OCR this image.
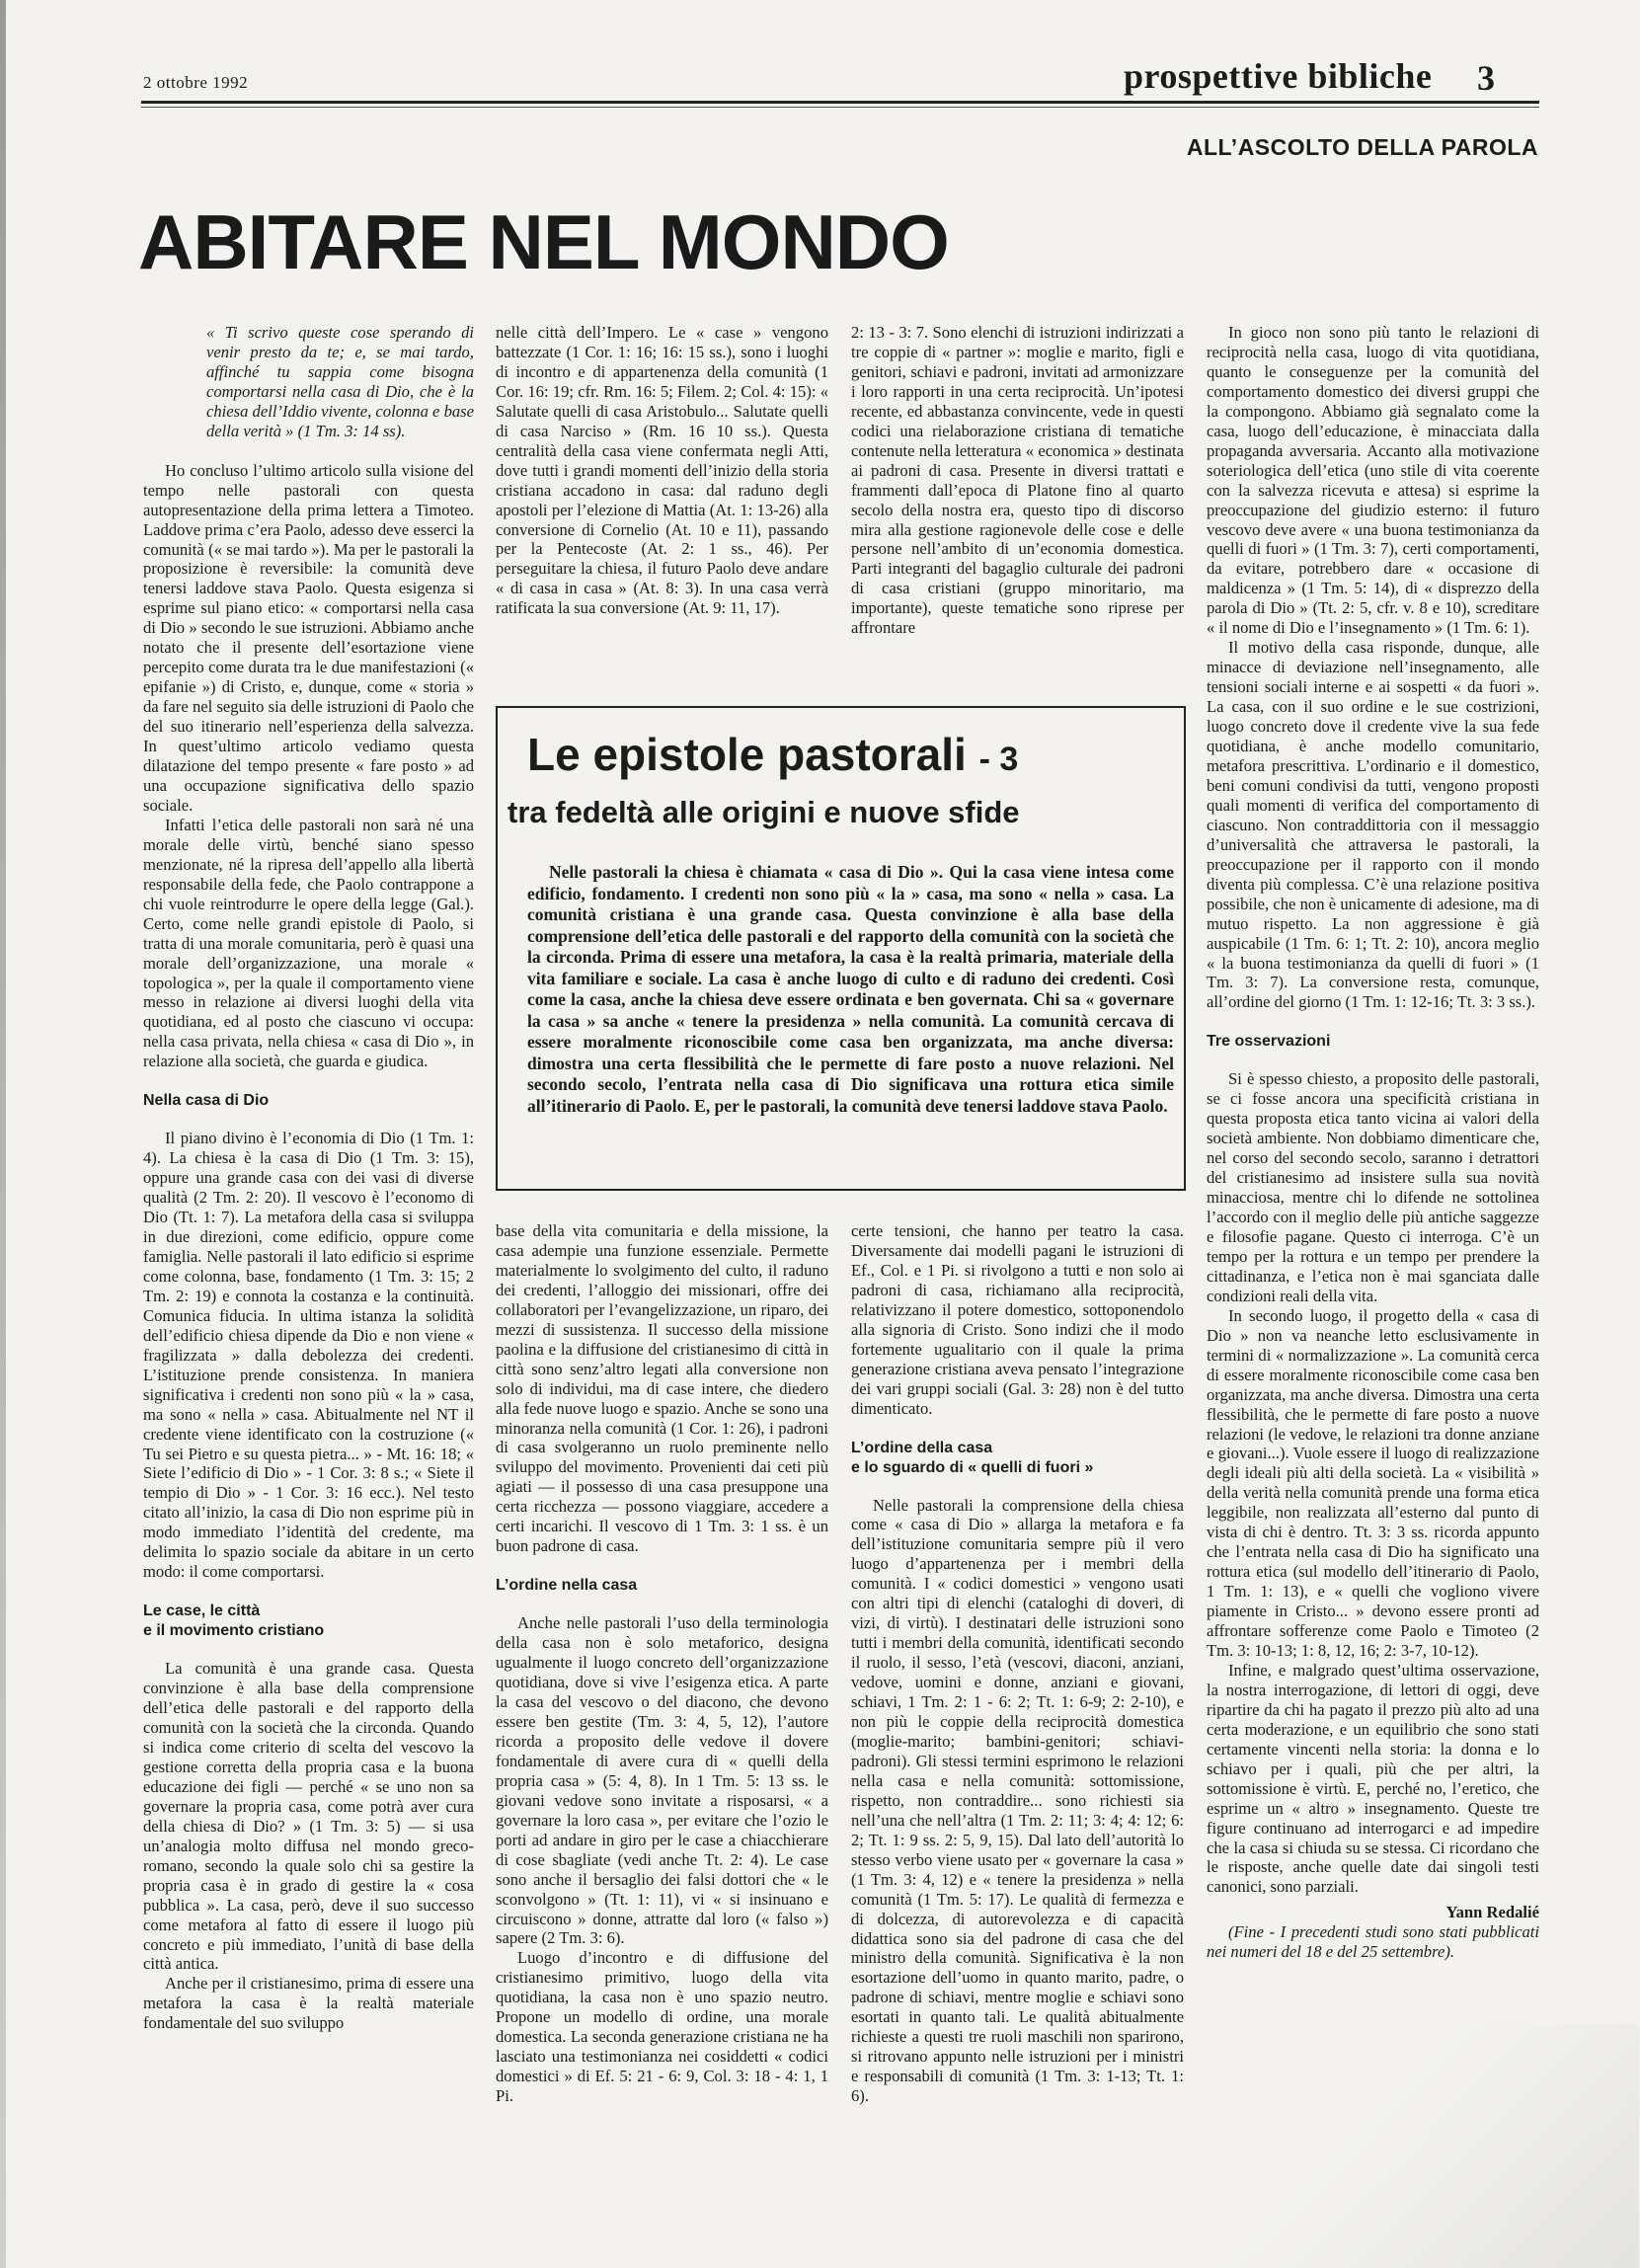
2 ottobre 1992	prospettive bibliche 3
ALL’ASCOLTO DELLA PAROLA
ABITARE NEL MONDO

« Ti scrivo queste cose sperando di venir presto da te; e, se mai tardo, affinché tu sappia come bisogna comportarsi nella casa di Dio, che è la chiesa dell’Iddio vivente, colonna e base della verità » (1 Tm. 3: 14 ss).

Ho concluso l’ultimo articolo sulla visione del tempo nelle pastorali con questa autopresentazione della prima lettera a Timoteo. Laddove prima c’era Paolo, adesso deve esserci la comunità (« se mai tardo »). Ma per le pastorali la proposizione è reversibile: la comunità deve tenersi laddove stava Paolo. Questa esigenza si esprime sul piano etico: « comportarsi nella casa di Dio » secondo le sue istruzioni. Abbiamo anche notato che il presente dell’esortazione viene percepito come durata tra le due manifestazioni (« epifanie ») di Cristo, e, dunque, come « storia » da fare nel seguito sia delle istruzioni di Paolo che del suo itinerario nell’esperienza della salvezza. In quest’ultimo articolo vediamo questa dilatazione del tempo presente « fare posto » ad una occupazione significativa dello spazio sociale.

Infatti l’etica delle pastorali non sarà né una morale delle virtù, benché siano spesso menzionate, né la ripresa dell’appello alla libertà responsabile della fede, che Paolo contrappone a chi vuole reintrodurre le opere della legge (Gal.). Certo, come nelle grandi epistole di Paolo, si tratta di una morale comunitaria, però è quasi una morale dell’organizzazione, una morale « topologica », per la quale il comportamento viene messo in relazione ai diversi luoghi della vita quotidiana, ed al posto che ciascuno vi occupa: nella casa privata, nella chiesa « casa di Dio », in relazione alla società, che guarda e giudica.

Nella casa di Dio

Il piano divino è l’economia di Dio (1 Tm. 1: 4). La chiesa è la casa di Dio (1 Tm. 3: 15), oppure una grande casa con dei vasi di diverse qualità (2 Tm. 2: 20). Il vescovo è l’economo di Dio (Tt. 1: 7). La metafora della casa si sviluppa in due direzioni, come edificio, oppure come famiglia. Nelle pastorali il lato edificio si esprime come colonna, base, fondamento (1 Tm. 3: 15; 2 Tm. 2: 19) e connota la costanza e la continuità. Comunica fiducia. In ultima istanza la solidità dell’edificio chiesa dipende da Dio e non viene « fragilizzata » dalla debolezza dei credenti. L’istituzione prende consistenza. In maniera significativa i credenti non sono più « la » casa, ma sono « nella » casa. Abitualmente nel NT il credente viene identificato con la costruzione (« Tu sei Pietro e su questa pietra... » - Mt. 16: 18; « Siete l’edificio di Dio » - 1 Cor. 3: 8 s.; « Siete il tempio di Dio » - 1 Cor. 3: 16 ecc.). Nel testo citato all’inizio, la casa di Dio non esprime più in modo immediato l’identità del credente, ma delimita lo spazio sociale da abitare in un certo modo: il come comportarsi.

Le case, le città
e il movimento cristiano

La comunità è una grande casa. Questa convinzione è alla base della comprensione dell’etica delle pastorali e del rapporto della comunità con la società che la circonda. Quando si indica come criterio di scelta del vescovo la gestione corretta della propria casa e la buona educazione dei figli — perché « se uno non sa governare la propria casa, come potrà aver cura della chiesa di Dio? » (1 Tm. 3: 5) — si usa un’analogia molto diffusa nel mondo greco-romano, secondo la quale solo chi sa gestire la propria casa è in grado di gestire la « cosa pubblica ». La casa, però, deve il suo successo come metafora al fatto di essere il luogo più concreto e più immediato, l’unità di base della città antica.

Anche per il cristianesimo, prima di essere una metafora la casa è la realtà materiale fondamentale del suo sviluppo

nelle città dell’Impero. Le « case » vengono battezzate (1 Cor. 1: 16; 16: 15 ss.), sono i luoghi di incontro e di appartenenza della comunità (1 Cor. 16: 19; cfr. Rm. 16: 5; Filem. 2; Col. 4: 15): « Salutate quelli di casa Aristobulo... Salutate quelli di casa Narciso » (Rm. 16 10 ss.). Questa centralità della casa viene confermata negli Atti, dove tutti i grandi momenti dell’inizio della storia cristiana accadono in casa: dal raduno degli apostoli per l’elezione di Mattia (At. 1: 13-26) alla conversione di Cornelio (At. 10 e 11), passando per la Pentecoste (At. 2: 1 ss., 46). Per perseguitare la chiesa, il futuro Paolo deve andare « di casa in casa » (At. 8: 3). In una casa verrà ratificata la sua conversione (At. 9: 11, 17).

2: 13 - 3: 7. Sono elenchi di istruzioni indirizzati a tre coppie di « partner »: moglie e marito, figli e genitori, schiavi e padroni, invitati ad armonizzare i loro rapporti in una certa reciprocità. Un’ipotesi recente, ed abbastanza convincente, vede in questi codici una rielaborazione cristiana di tematiche contenute nella letteratura « economica » destinata ai padroni di casa. Presente in diversi trattati e frammenti dall’epoca di Platone fino al quarto secolo della nostra era, questo tipo di discorso mira alla gestione ragionevole delle cose e delle persone nell’ambito di un’economia domestica. Parti integranti del bagaglio culturale dei padroni di casa cristiani (gruppo minoritario, ma importante), queste tematiche sono riprese per affrontare

Le epistole pastorali - 3
tra fedeltà alle origini e nuove sfide

Nelle pastorali la chiesa è chiamata « casa di Dio ». Qui la casa viene intesa come edificio, fondamento. I credenti non sono più « la » casa, ma sono « nella » casa. La comunità cristiana è una grande casa. Questa convinzione è alla base della comprensione dell’etica delle pastorali e del rapporto della comunità con la società che la circonda. Prima di essere una metafora, la casa è la realtà primaria, materiale della vita familiare e sociale. La casa è anche luogo di culto e di raduno dei credenti. Così come la casa, anche la chiesa deve essere ordinata e ben governata. Chi sa « governare la casa » sa anche « tenere la presidenza » nella comunità. La comunità cercava di essere moralmente riconoscibile come casa ben organizzata, ma anche diversa: dimostra una certa flessibilità che le permette di fare posto a nuove relazioni. Nel secondo secolo, l’entrata nella casa di Dio significava una rottura etica simile all’itinerario di Paolo. E, per le pastorali, la comunità deve tenersi laddove stava Paolo.

base della vita comunitaria e della missione, la casa adempie una funzione essenziale. Permette materialmente lo svolgimento del culto, il raduno dei credenti, l’alloggio dei missionari, offre dei collaboratori per l’evangelizzazione, un riparo, dei mezzi di sussistenza. Il successo della missione paolina e la diffusione del cristianesimo di città in città sono senz’altro legati alla conversione non solo di individui, ma di case intere, che diedero alla fede nuove luogo e spazio. Anche se sono una minoranza nella comunità (1 Cor. 1: 26), i padroni di casa svolgeranno un ruolo preminente nello sviluppo del movimento. Provenienti dai ceti più agiati — il possesso di una casa presuppone una certa ricchezza — possono viaggiare, accedere a certi incarichi. Il vescovo di 1 Tm. 3: 1 ss. è un buon padrone di casa.

L’ordine nella casa

Anche nelle pastorali l’uso della terminologia della casa non è solo metaforico, designa ugualmente il luogo concreto dell’organizzazione quotidiana, dove si vive l’esigenza etica. A parte la casa del vescovo o del diacono, che devono essere ben gestite (Tm. 3: 4, 5, 12), l’autore ricorda a proposito delle vedove il dovere fondamentale di avere cura di « quelli della propria casa » (5: 4, 8). In 1 Tm. 5: 13 ss. le giovani vedove sono invitate a risposarsi, « a governare la loro casa », per evitare che l’ozio le porti ad andare in giro per le case a chiacchierare di cose sbagliate (vedi anche Tt. 2: 4). Le case sono anche il bersaglio dei falsi dottori che « le sconvolgono » (Tt. 1: 11), vi « si insinuano e circuiscono » donne, attratte dal loro (« falso ») sapere (2 Tm. 3: 6).

Luogo d’incontro e di diffusione del cristianesimo primitivo, luogo della vita quotidiana, la casa non è uno spazio neutro. Propone un modello di ordine, una morale domestica. La seconda generazione cristiana ne ha lasciato una testimonianza nei cosiddetti « codici domestici » di Ef. 5: 21 - 6: 9, Col. 3: 18 - 4: 1, 1 Pi.

certe tensioni, che hanno per teatro la casa. Diversamente dai modelli pagani le istruzioni di Ef., Col. e 1 Pi. si rivolgono a tutti e non solo ai padroni di casa, richiamano alla reciprocità, relativizzano il potere domestico, sottoponendolo alla signoria di Cristo. Sono indizi che il modo fortemente ugualitario con il quale la prima generazione cristiana aveva pensato l’integrazione dei vari gruppi sociali (Gal. 3: 28) non è del tutto dimenticato.

L’ordine della casa
e lo sguardo di « quelli di fuori »

Nelle pastorali la comprensione della chiesa come « casa di Dio » allarga la metafora e fa dell’istituzione comunitaria sempre più il vero luogo d’appartenenza per i membri della comunità. I « codici domestici » vengono usati con altri tipi di elenchi (cataloghi di doveri, di vizi, di virtù). I destinatari delle istruzioni sono tutti i membri della comunità, identificati secondo il ruolo, il sesso, l’età (vescovi, diaconi, anziani, vedove, uomini e donne, anziani e giovani, schiavi, 1 Tm. 2: 1 - 6: 2; Tt. 1: 6-9; 2: 2-10), e non più le coppie della reciprocità domestica (moglie-marito; bambini-genitori; schiavi-padroni). Gli stessi termini esprimono le relazioni nella casa e nella comunità: sottomissione, rispetto, non contraddire... sono richiesti sia nell’una che nell’altra (1 Tm. 2: 11; 3: 4; 4: 12; 6: 2; Tt. 1: 9 ss. 2: 5, 9, 15). Dal lato dell’autorità lo stesso verbo viene usato per « governare la casa » (1 Tm. 3: 4, 12) e « tenere la presidenza » nella comunità (1 Tm. 5: 17). Le qualità di fermezza e di dolcezza, di autorevolezza e di capacità didattica sono sia del padrone di casa che del ministro della comunità. Significativa è la non esortazione dell’uomo in quanto marito, padre, o padrone di schiavi, mentre moglie e schiavi sono esortati in quanto tali. Le qualità abitualmente richieste a questi tre ruoli maschili non sparirono, si ritrovano appunto nelle istruzioni per i ministri e responsabili di comunità (1 Tm. 3: 1-13; Tt. 1: 6).

In gioco non sono più tanto le relazioni di reciprocità nella casa, luogo di vita quotidiana, quanto le conseguenze per la comunità del comportamento domestico dei diversi gruppi che la compongono. Abbiamo già segnalato come la casa, luogo dell’educazione, è minacciata dalla propaganda avversaria. Accanto alla motivazione soteriologica dell’etica (uno stile di vita coerente con la salvezza ricevuta e attesa) si esprime la preoccupazione del giudizio esterno: il futuro vescovo deve avere « una buona testimonianza da quelli di fuori » (1 Tm. 3: 7), certi comportamenti, da evitare, potrebbero dare « occasione di maldicenza » (1 Tm. 5: 14), di « disprezzo della parola di Dio » (Tt. 2: 5, cfr. v. 8 e 10), screditare « il nome di Dio e l’insegnamento » (1 Tm. 6: 1).

Il motivo della casa risponde, dunque, alle minacce di deviazione nell’insegnamento, alle tensioni sociali interne e ai sospetti « da fuori ». La casa, con il suo ordine e le sue costrizioni, luogo concreto dove il credente vive la sua fede quotidiana, è anche modello comunitario, metafora prescrittiva. L’ordinario e il domestico, beni comuni condivisi da tutti, vengono proposti quali momenti di verifica del comportamento di ciascuno. Non contraddittoria con il messaggio d’universalità che attraversa le pastorali, la preoccupazione per il rapporto con il mondo diventa più complessa. C’è una relazione positiva possibile, che non è unicamente di adesione, ma di mutuo rispetto. La non aggressione è già auspicabile (1 Tm. 6: 1; Tt. 2: 10), ancora meglio « la buona testimonianza da quelli di fuori » (1 Tm. 3: 7). La conversione resta, comunque, all’ordine del giorno (1 Tm. 1: 12-16; Tt. 3: 3 ss.).

Tre osservazioni

Si è spesso chiesto, a proposito delle pastorali, se ci fosse ancora una specificità cristiana in questa proposta etica tanto vicina ai valori della società ambiente. Non dobbiamo dimenticare che, nel corso del secondo secolo, saranno i detrattori del cristianesimo ad insistere sulla sua novità minacciosa, mentre chi lo difende ne sottolinea l’accordo con il meglio delle più antiche saggezze e filosofie pagane. Questo ci interroga. C’è un tempo per la rottura e un tempo per prendere la cittadinanza, e l’etica non è mai sganciata dalle condizioni reali della vita.

In secondo luogo, il progetto della « casa di Dio » non va neanche letto esclusivamente in termini di « normalizzazione ». La comunità cerca di essere moralmente riconoscibile come casa ben organizzata, ma anche diversa. Dimostra una certa flessibilità, che le permette di fare posto a nuove relazioni (le vedove, le relazioni tra donne anziane e giovani...). Vuole essere il luogo di realizzazione degli ideali più alti della società. La « visibilità » della verità nella comunità prende una forma etica leggibile, non realizzata all’esterno dal punto di vista di chi è dentro. Tt. 3: 3 ss. ricorda appunto che l’entrata nella casa di Dio ha significato una rottura etica (sul modello dell’itinerario di Paolo, 1 Tm. 1: 13), e « quelli che vogliono vivere piamente in Cristo... » devono essere pronti ad affrontare sofferenze come Paolo e Timoteo (2 Tm. 3: 10-13; 1: 8, 12, 16; 2: 3-7, 10-12).

Infine, e malgrado quest’ultima osservazione, la nostra interrogazione, di lettori di oggi, deve ripartire da chi ha pagato il prezzo più alto ad una certa moderazione, e un equilibrio che sono stati certamente vincenti nella storia: la donna e lo schiavo per i quali, più che per altri, la sottomissione è virtù. E, perché no, l’eretico, che esprime un « altro » insegnamento. Queste tre figure continuano ad interrogarci e ad impedire che la casa si chiuda su se stessa. Ci ricordano che le risposte, anche quelle date dai singoli testi canonici, sono parziali.

Yann Redalié

(Fine - I precedenti studi sono stati pubblicati nei numeri del 18 e del 25 settembre).
